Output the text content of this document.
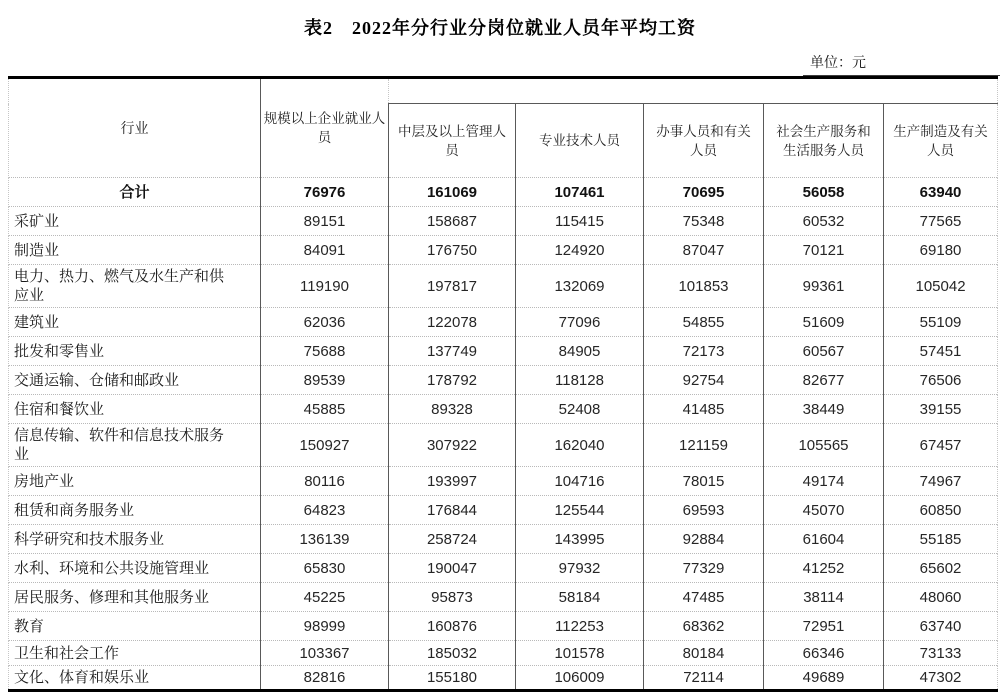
表2　2022年分行业分岗位就业人员年平均工资
单位：元
行业	规模以上企业就业人员					
		中层及以上管理人员	专业技术人员	办事人员和有关人员	社会生产服务和生活服务人员	生产制造及有关人员
合计	76976	161069	107461	70695	56058	63940
采矿业	89151	158687	115415	75348	60532	77565
制造业	84091	176750	124920	87047	70121	69180
电力、热力、燃气及水生产和供应业	119190	197817	132069	101853	99361	105042
建筑业	62036	122078	77096	54855	51609	55109
批发和零售业	75688	137749	84905	72173	60567	57451
交通运输、仓储和邮政业	89539	178792	118128	92754	82677	76506
住宿和餐饮业	45885	89328	52408	41485	38449	39155
信息传输、软件和信息技术服务业	150927	307922	162040	121159	105565	67457
房地产业	80116	193997	104716	78015	49174	74967
租赁和商务服务业	64823	176844	125544	69593	45070	60850
科学研究和技术服务业	136139	258724	143995	92884	61604	55185
水利、环境和公共设施管理业	65830	190047	97932	77329	41252	65602
居民服务、修理和其他服务业	45225	95873	58184	47485	38114	48060
教育	98999	160876	112253	68362	72951	63740
卫生和社会工作	103367	185032	101578	80184	66346	73133
文化、体育和娱乐业	82816	155180	106009	72114	49689	47302
